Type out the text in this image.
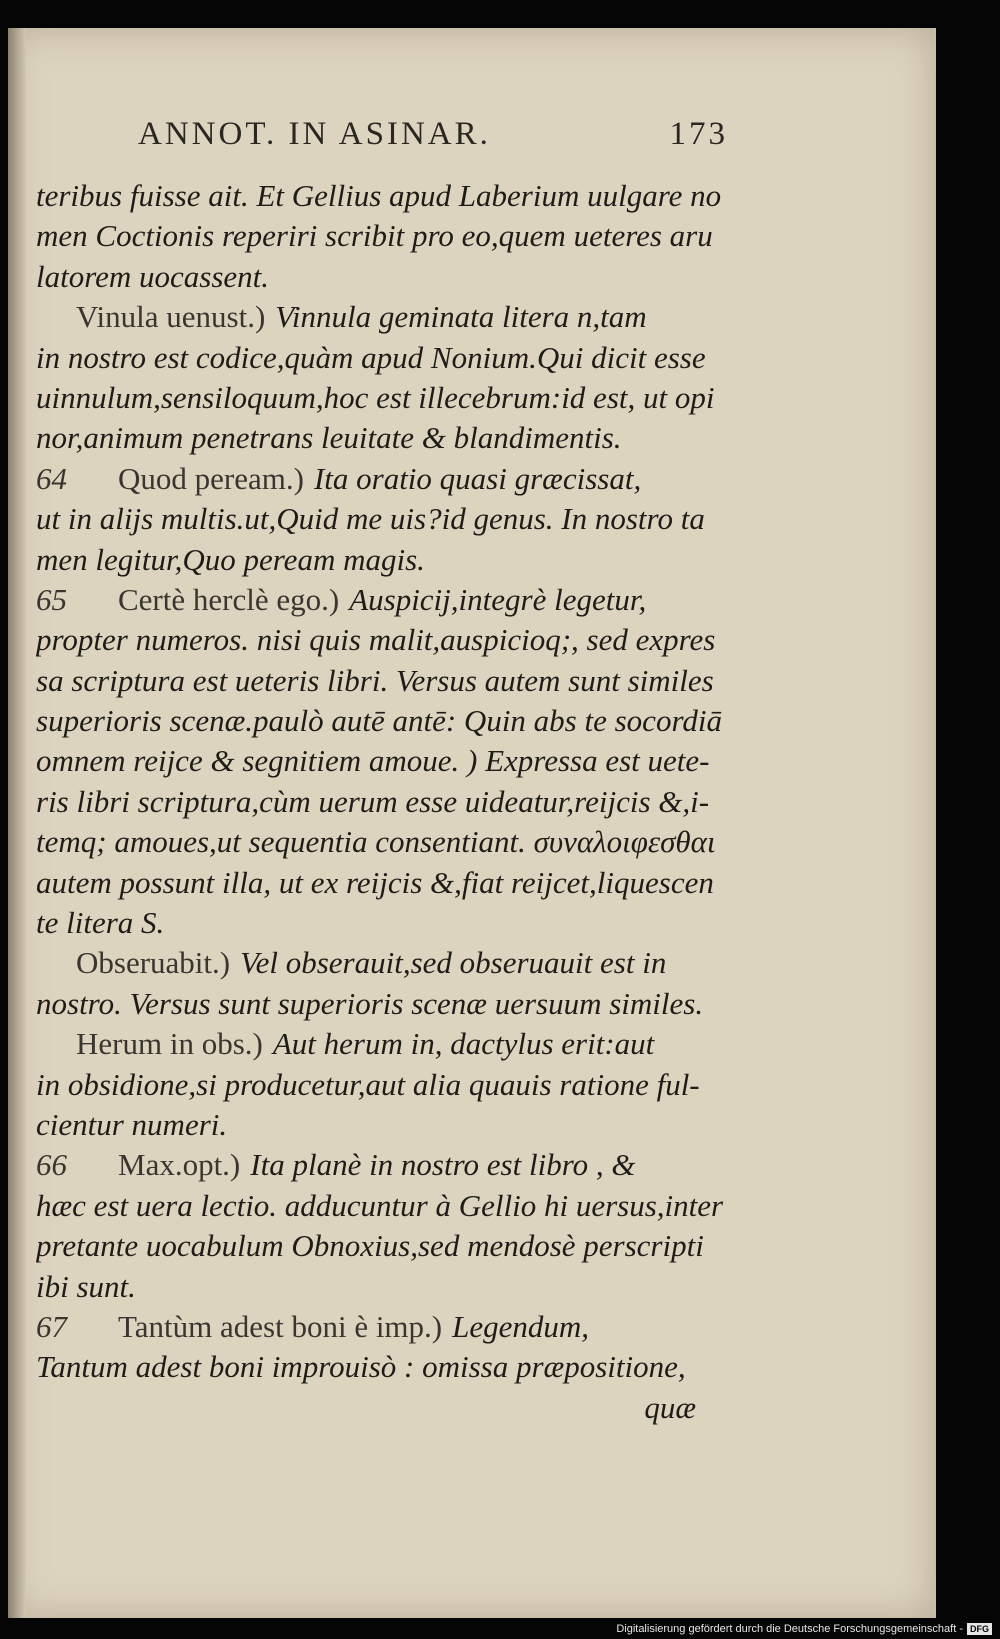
ANNOT. IN ASINAR.	173
teribus fuisse ait. Et Gellius apud Laberium uulgare no
men Coctionis reperiri scribit pro eo,quem ueteres aru
latorem uocassent.
Vinula uenust.) Vinnula geminata litera n,tam
in nostro est codice,quàm apud Nonium.Qui dicit esse
uinnulum,sensiloquum,hoc est illecebrum:id est, ut opi
nor,animum penetrans leuitate & blandimentis.
64 Quod peream.) Ita oratio quasi græcissat,
ut in alijs multis.ut,Quid me uis?id genus. In nostro ta
men legitur,Quo peream magis.
65 Certè herclè ego.) Auspicij,integrè legetur,
propter numeros. nisi quis malit,auspicioq;, sed expres
sa scriptura est ueteris libri. Versus autem sunt similes
superioris scenæ.paulò autē antē: Quin abs te socordiā
omnem reijce & segnitiem amoue. ) Expressa est uete-
ris libri scriptura,cùm uerum esse uideatur,reijcis &,i-
temq; amoues,ut sequentia consentiant. συναλοιφεσθαι
autem possunt illa, ut ex reijcis &,fiat reijcet,liquescen
te litera S.
Obseruabit.) Vel obserauit,sed obseruauit est in
nostro. Versus sunt superioris scenæ uersuum similes.
Herum in obs.) Aut herum in, dactylus erit:aut
in obsidione,si producetur,aut alia quauis ratione ful-
cientur numeri.
66 Max.opt.) Ita planè in nostro est libro , &
hæc est uera lectio. adducuntur à Gellio hi uersus,inter
pretante uocabulum Obnoxius,sed mendosè perscripti
ibi sunt.
67 Tantùm adest boni è imp.) Legendum,
Tantum adest boni improuisò : omissa præpositione,
quæ
Digitalisierung gefördert durch die Deutsche Forschungsgemeinschaft - DFG
